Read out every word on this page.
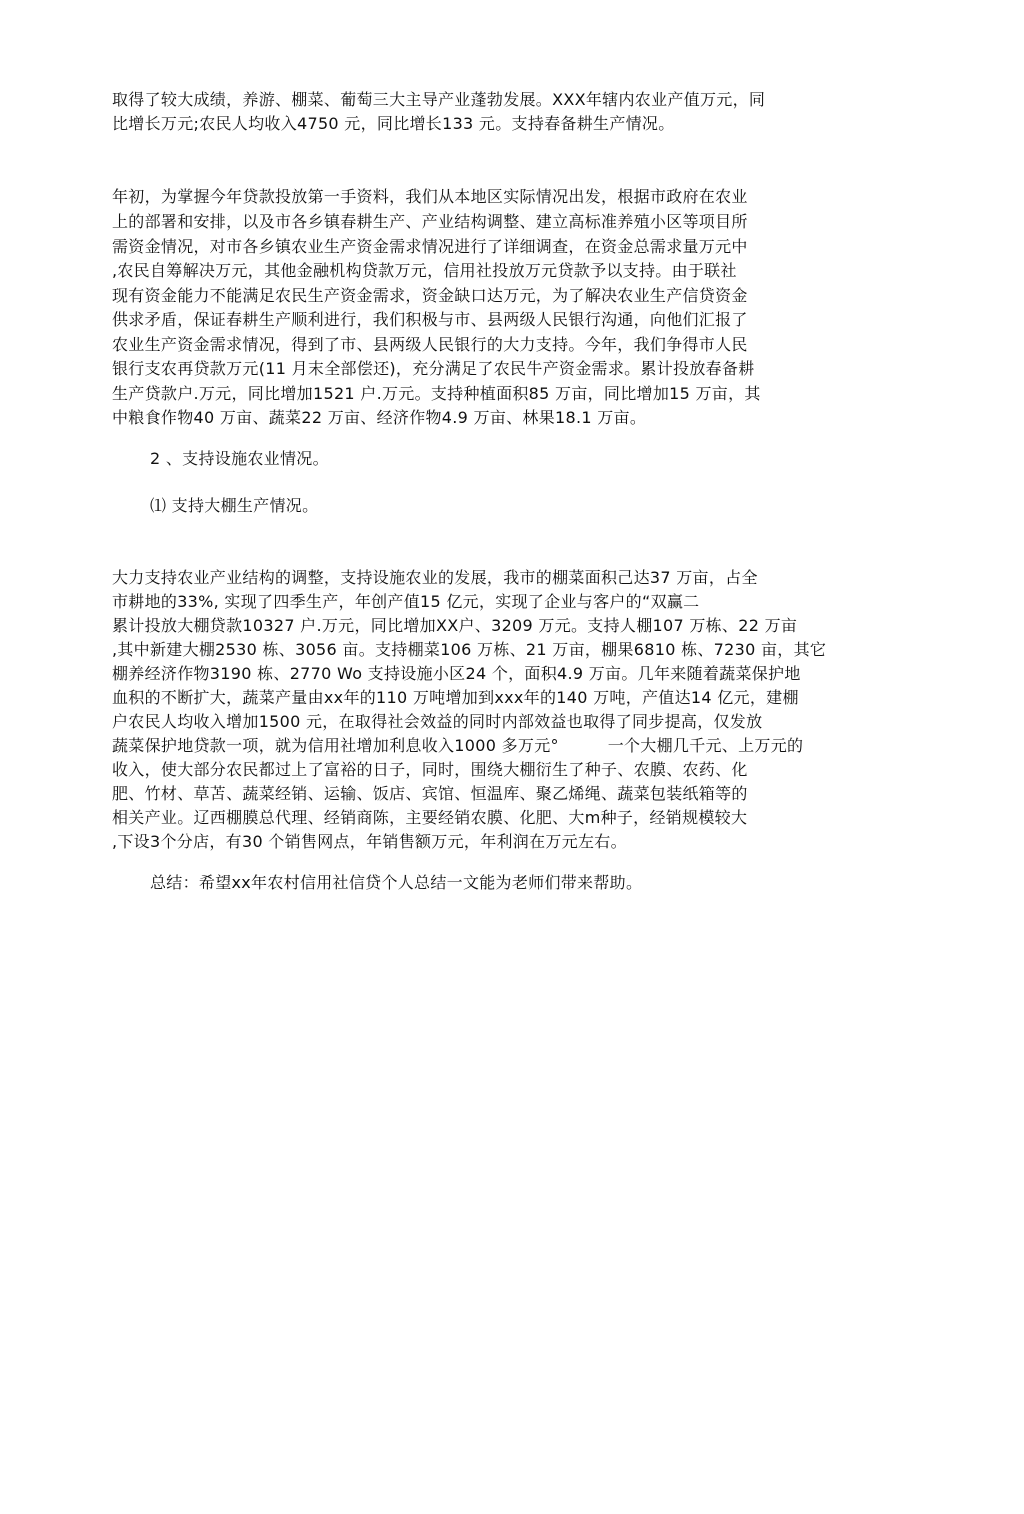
取得了较大成绩，养游、棚菜、葡萄三大主导产业蓬勃发展。XXX年辖内农业产值万元，同
比增长万元;农民人均收入4750 元，同比增长133 元。支持春备耕生产情况。
年初，为掌握今年贷款投放第一手资料，我们从本地区实际情况出发，根据市政府在农业
上的部署和安排，以及市各乡镇春耕生产、产业结构调整、建立高标准养殖小区等项目所
需资金情况，对市各乡镇农业生产资金需求情况进行了详细调查，在资金总需求量万元中
,农民自筹解决万元，其他金融机构贷款万元，信用社投放万元贷款予以支持。由于联社
现有资金能力不能满足农民生产资金需求，资金缺口达万元，为了解决农业生产信贷资金
供求矛盾，保证春耕生产顺利进行，我们积极与市、县两级人民银行沟通，向他们汇报了
农业生产资金需求情况，得到了市、县两级人民银行的大力支持。今年，我们争得市人民
银行支农再贷款万元(11 月末全部偿还)，充分满足了农民牛产资金需求。累计投放春备耕
生产贷款户.万元，同比增加1521 户.万元。支持种植面积85 万亩，同比增加15 万亩，其
中粮食作物40 万亩、蔬菜22 万亩、经济作物4.9 万亩、林果18.1 万亩。
2 、支持设施农业情况。
⑴ 支持大棚生产情况。
大力支持农业产业结构的调整，支持设施农业的发展，我市的棚菜面积己达37 万亩，占全
市耕地的33%, 实现了四季生产，年创产值15 亿元，实现了企业与客户的“双赢二
累计投放大棚贷款10327 户.万元，同比增加XX户、3209 万元。支持人棚107 万栋、22 万亩
,其中新建大棚2530 栋、3056 亩。支持棚菜106 万栋、21 万亩，棚果6810 栋、7230 亩，其它
棚养经济作物3190 栋、2770 Wo 支持设施小区24 个，面积4.9 万亩。几年来随着蔬菜保护地
血积的不断扩大，蔬菜产量由xx年的110 万吨增加到xxx年的140 万吨，产值达14 亿元，建棚
户农民人均收入增加1500 元，在取得社会效益的同时内部效益也取得了同步提高，仅发放
蔬菜保护地贷款一项，就为信用社增加利息收入1000 多万元°　　　一个大棚几千元、上万元的
收入，使大部分农民都过上了富裕的日子，同时，围绕大棚衍生了种子、农膜、农药、化
肥、竹材、草苫、蔬菜经销、运输、饭店、宾馆、恒温库、聚乙烯绳、蔬菜包装纸箱等的
相关产业。辽西棚膜总代理、经销商陈，主要经销农膜、化肥、大m种子，经销规模较大
,下设3个分店，有30 个销售网点，年销售额万元，年利润在万元左右。
总结：希望xx年农村信用社信贷个人总结一文能为老师们带来帮助。
